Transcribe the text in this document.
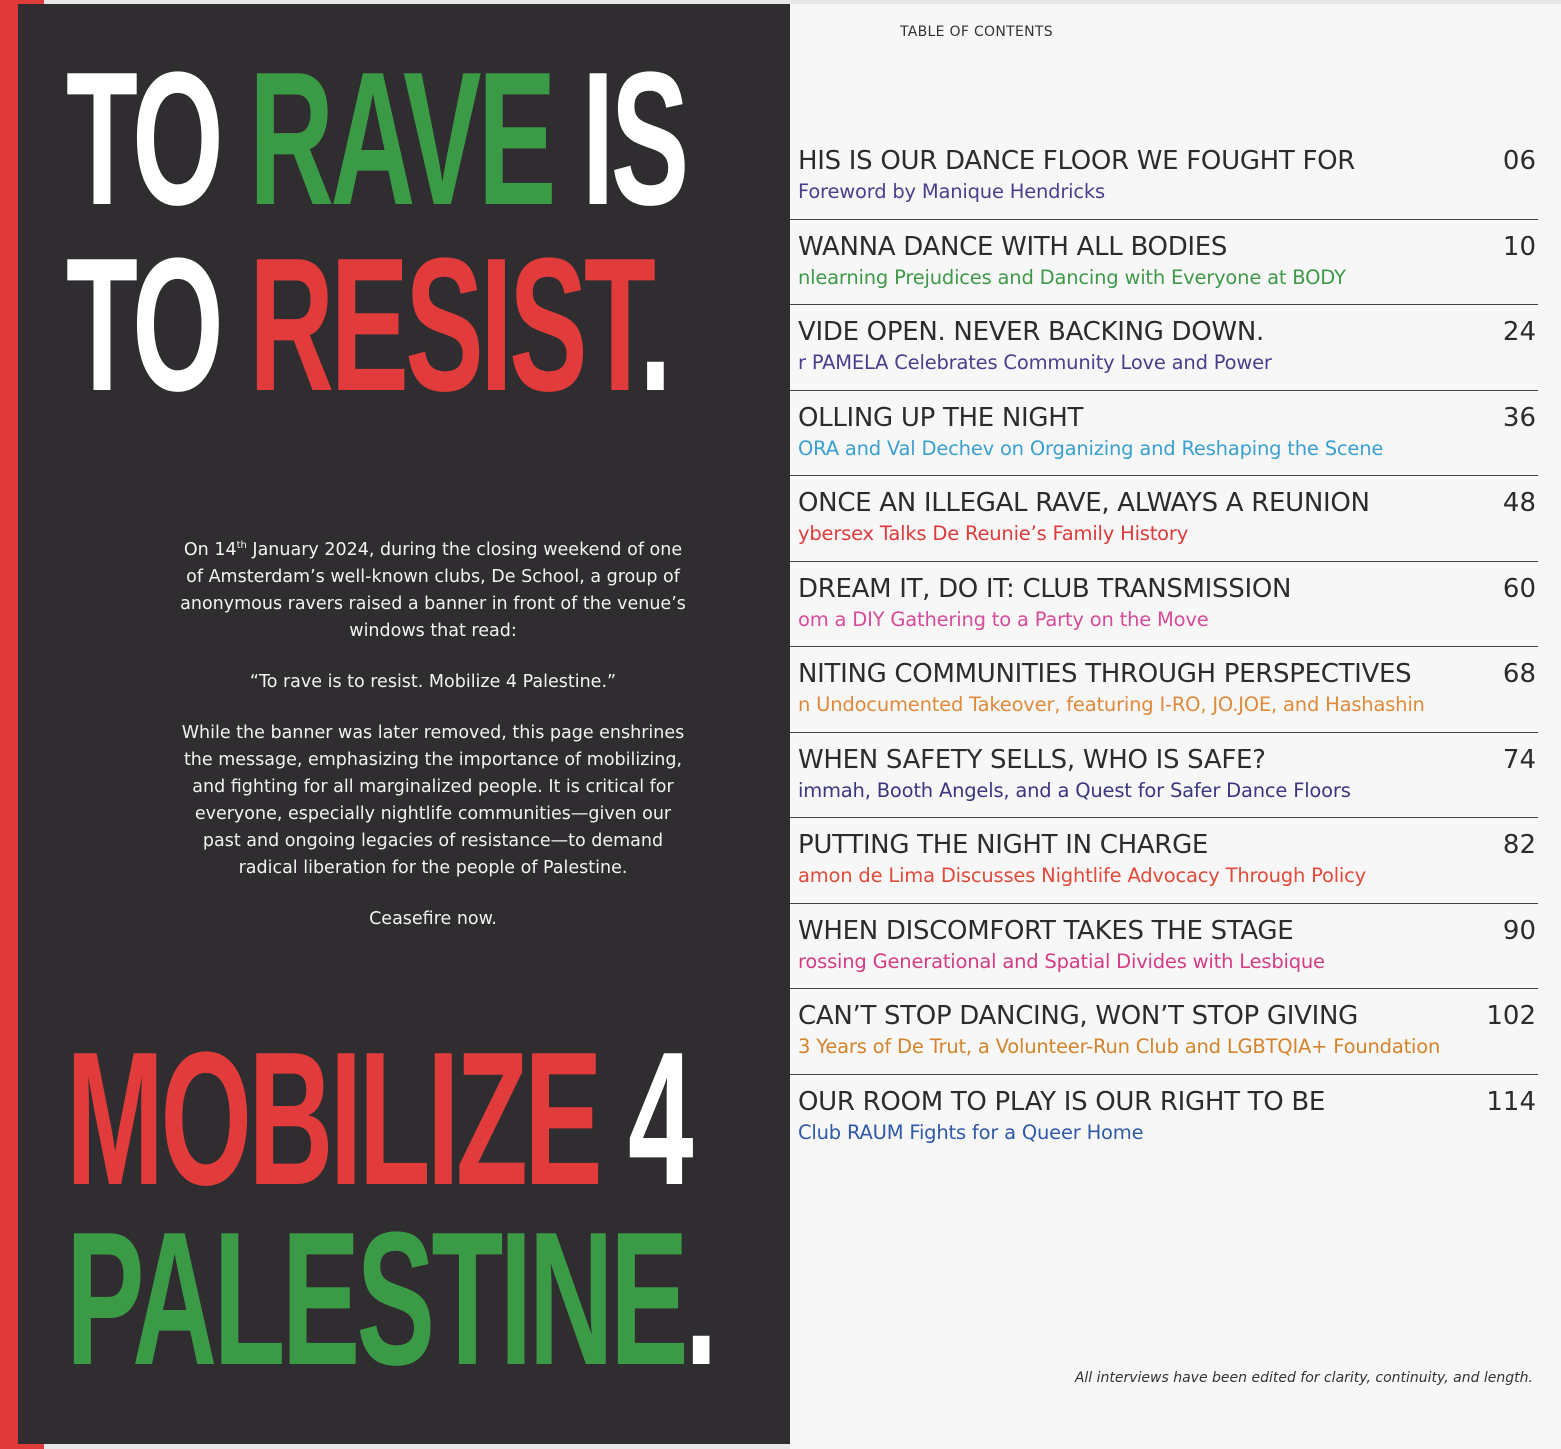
TO RAVE IS
TO RESIST.

On 14th January 2024, during the closing weekend of one of Amsterdam’s well-known clubs, De School, a group of anonymous ravers raised a banner in front of the venue’s windows that read:

“To rave is to resist. Mobilize 4 Palestine.”

While the banner was later removed, this page enshrines the message, emphasizing the importance of mobilizing, and fighting for all marginalized people. It is critical for everyone, especially nightlife communities—given our past and ongoing legacies of resistance—to demand radical liberation for the people of Palestine.

Ceasefire now.

MOBILIZE 4
PALESTINE.
TABLE OF CONTENTS
HIS IS OUR DANCE FLOOR WE FOUGHT FOR
Foreword by Manique Hendricks
06
WANNA DANCE WITH ALL BODIES
nlearning Prejudices and Dancing with Everyone at BODY
10
VIDE OPEN. NEVER BACKING DOWN.
r PAMELA Celebrates Community Love and Power
24
OLLING UP THE NIGHT
ORA and Val Dechev on Organizing and Reshaping the Scene
36
ONCE AN ILLEGAL RAVE, ALWAYS A REUNION
ybersex Talks De Reunie’s Family History
48
DREAM IT, DO IT: CLUB TRANSMISSION
om a DIY Gathering to a Party on the Move
60
NITING COMMUNITIES THROUGH PERSPECTIVES
n Undocumented Takeover, featuring I-RO, JO.JOE, and Hashashin
68
WHEN SAFETY SELLS, WHO IS SAFE?
immah, Booth Angels, and a Quest for Safer Dance Floors
74
PUTTING THE NIGHT IN CHARGE
amon de Lima Discusses Nightlife Advocacy Through Policy
82
WHEN DISCOMFORT TAKES THE STAGE
rossing Generational and Spatial Divides with Lesbique
90
CAN’T STOP DANCING, WON’T STOP GIVING
3 Years of De Trut, a Volunteer-Run Club and LGBTQIA+ Foundation
102
OUR ROOM TO PLAY IS OUR RIGHT TO BE
Club RAUM Fights for a Queer Home
114
All interviews have been edited for clarity, continuity, and length.
